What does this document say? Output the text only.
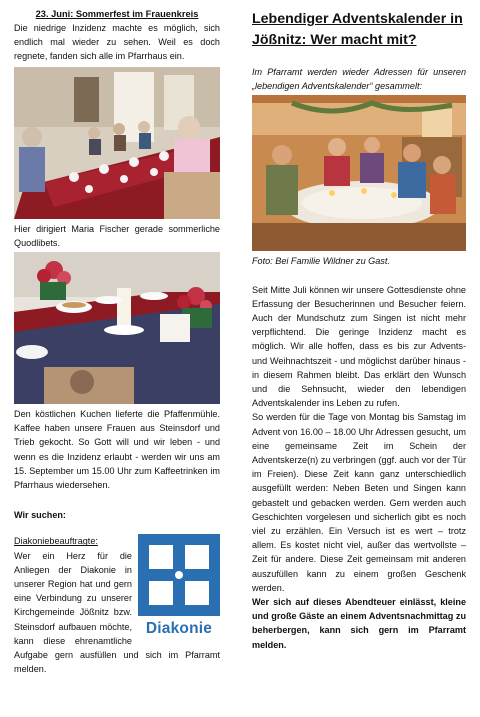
23. Juni: Sommerfest im Frauenkreis

Die niedrige Inzidenz machte es möglich, sich endlich mal wieder zu sehen. Weil es doch regnete, fanden sich alle im Pfarrhaus ein.

Hier dirigiert Maria Fischer gerade sommerliche Quodlibets.

Den köstlichen Kuchen lieferte die Pfaffenmühle. Kaffee haben unsere Frauen aus Steinsdorf und Trieb gekocht. So Gott will und wir leben - und wenn es die Inzidenz erlaubt - werden wir uns am 15. September um 15.00 Uhr zum Kaffeetrinken im Pfarrhaus wiedersehen.

Wir suchen:

Diakonie

Diakoniebeauftragte:

Wer ein Herz für die Anliegen der Diakonie in unserer Region hat und gern eine Verbindung zu unserer Kirchgemeinde Jößnitz bzw. Steinsdorf aufbauen möchte, kann diese ehrenamtliche Aufgabe gern ausfüllen und sich im Pfarramt melden.

Lebendiger Adventskalender in Jößnitz: Wer macht mit?

Im Pfarramt werden wieder Adressen für unseren „lebendigen Adventskalender“ gesammelt:

Foto: Bei Familie Wildner zu Gast.

Seit Mitte Juli können wir unsere Gottesdienste ohne Erfassung der Besucherinnen und Besucher feiern. Auch der Mundschutz zum Singen ist nicht mehr verpflichtend. Die geringe Inzidenz macht es möglich. Wir alle hoffen, dass es bis zur Advents- und Weihnachtszeit - und möglichst darüber hinaus - in diesem Rahmen bleibt. Das erklärt den Wunsch und die Sehnsucht, wieder den lebendigen Adventskalender ins Leben zu rufen.

So werden für die Tage von Montag bis Samstag im Advent von 16.00 – 18.00 Uhr Adressen gesucht, um eine gemeinsame Zeit im Schein der Adventskerze(n) zu verbringen (ggf. auch vor der Tür im Freien). Diese Zeit kann ganz unterschiedlich ausgefüllt werden: Neben Beten und Singen kann gebastelt und gebacken werden. Gern werden auch Geschichten vorgelesen und sicherlich gibt es noch viel zu erzählen. Ein Versuch ist es wert – trotz allem. Es kostet nicht viel, außer das wertvollste – Zeit für andere. Diese Zeit gemeinsam mit anderen auszufüllen kann zu einem großen Geschenk werden.

Wer sich auf dieses Abendteuer einlässt, kleine und große Gäste an einem Adventsnachmittag zu beherbergen, kann sich gern im Pfarramt melden.
